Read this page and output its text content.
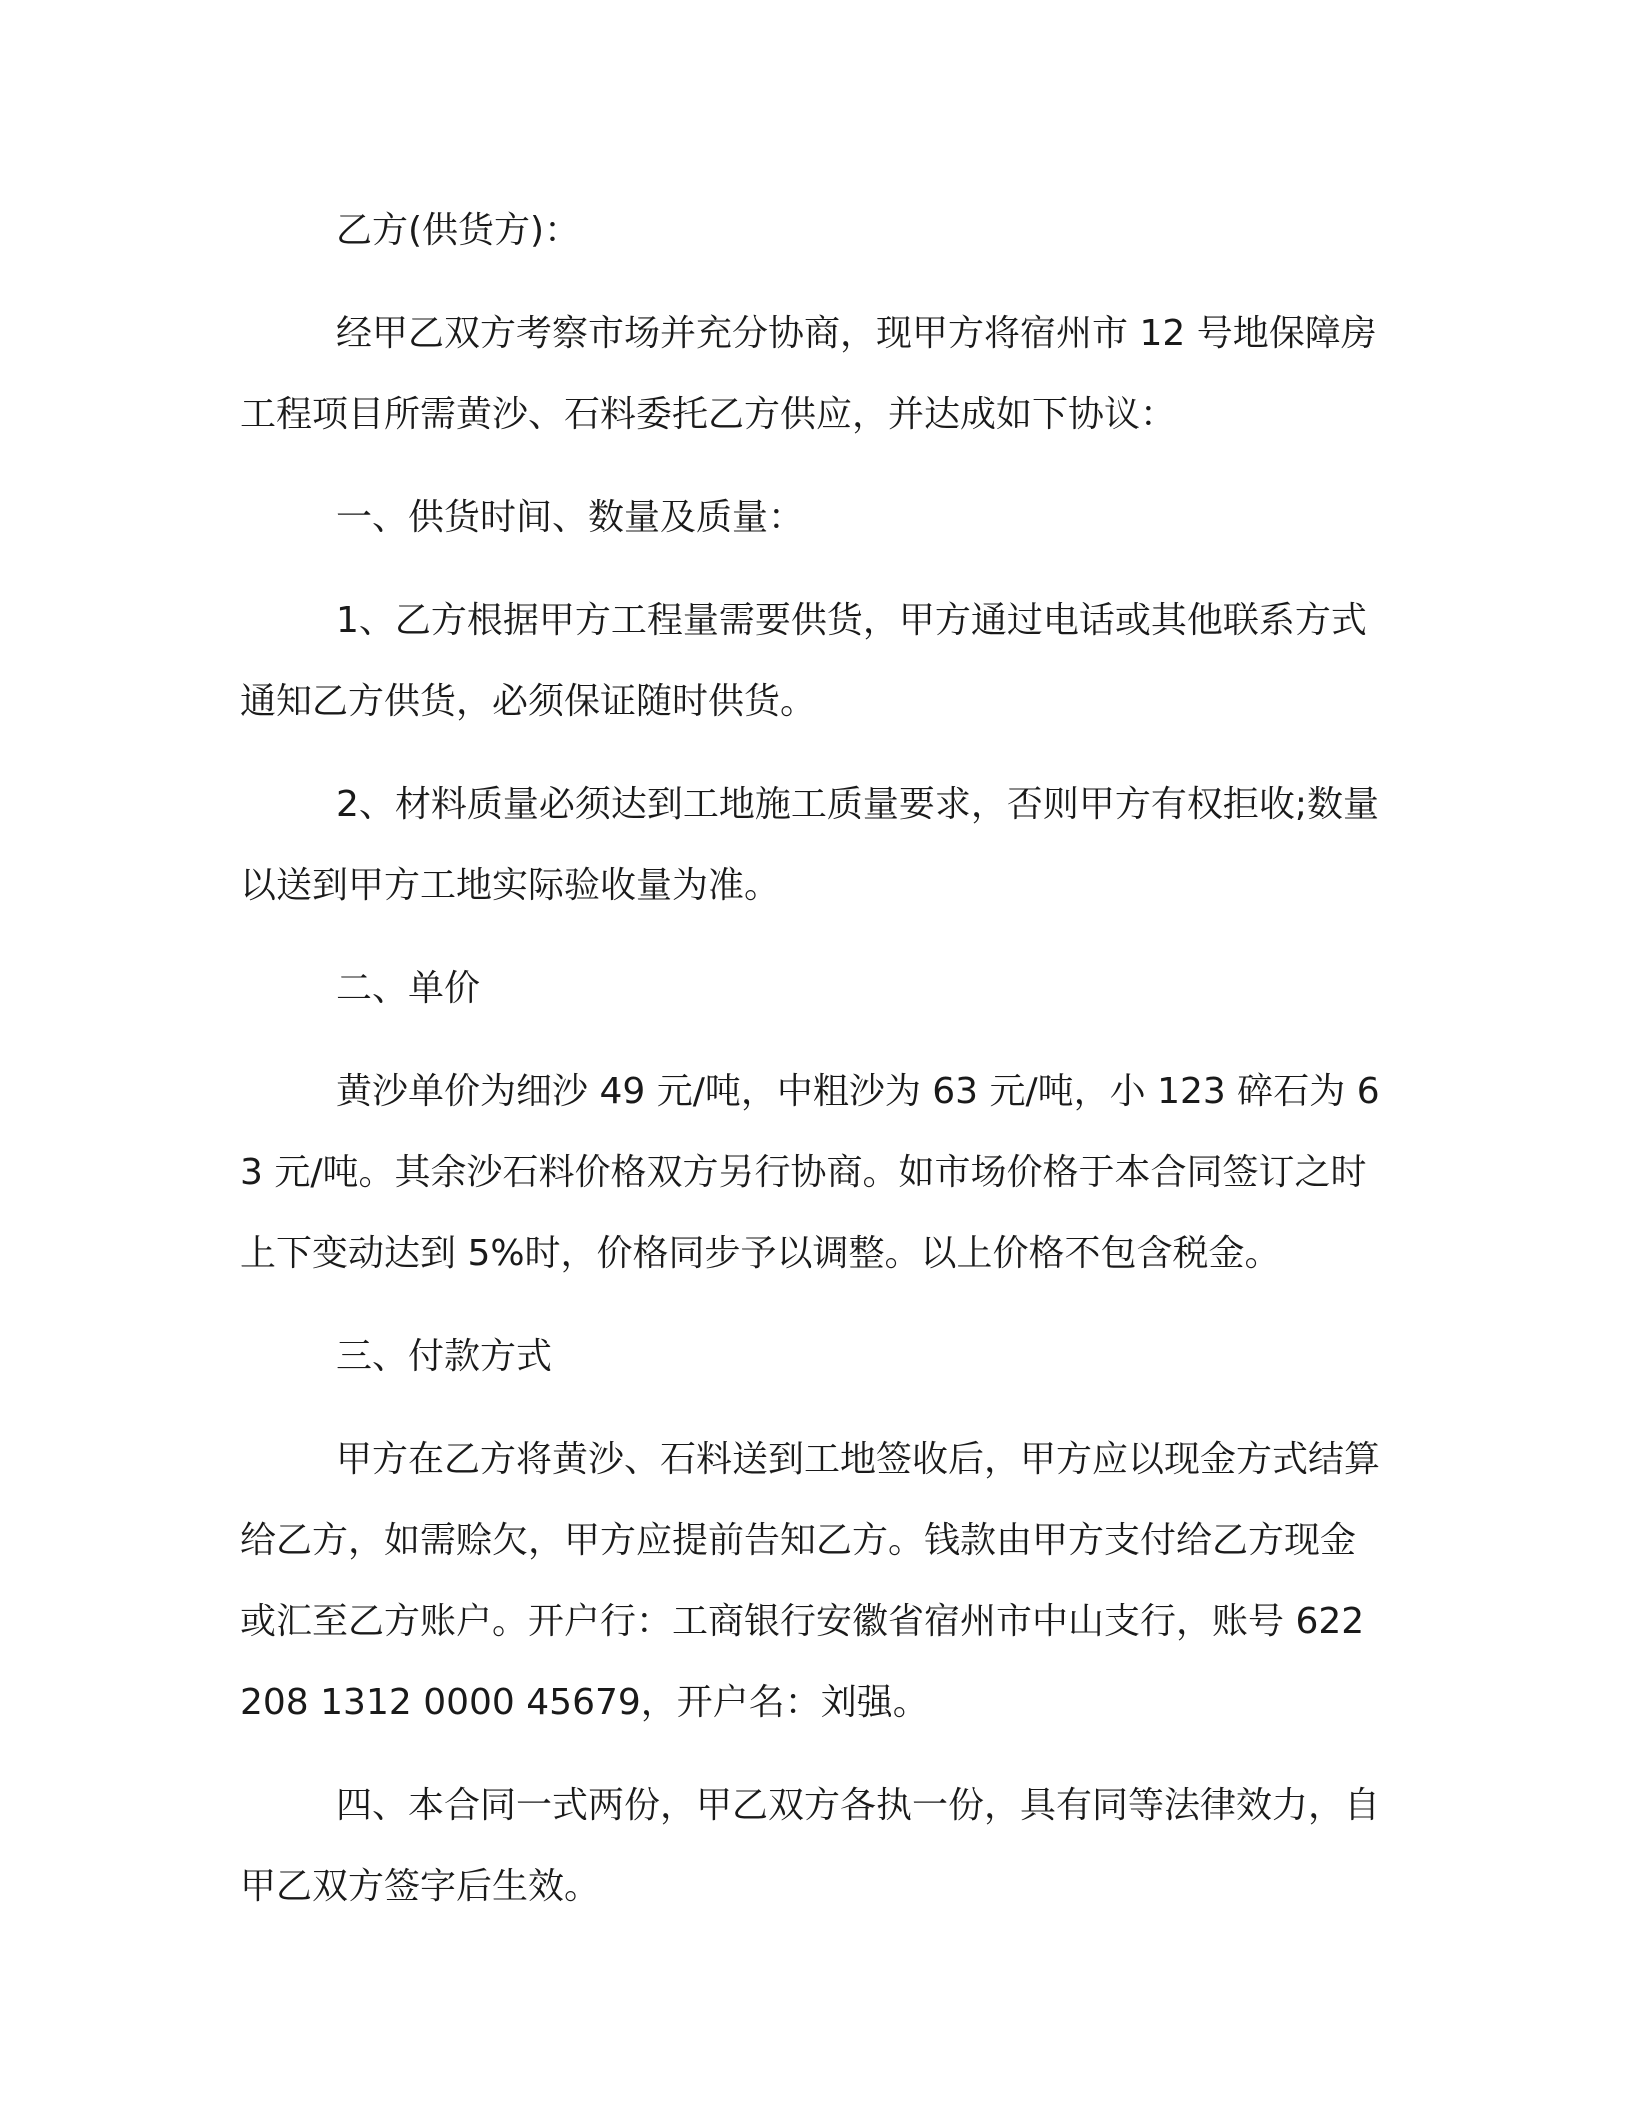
乙方(供货方)：

经甲乙双方考察市场并充分协商，现甲方将宿州市 12 号地保障房工程项目所需黄沙、石料委托乙方供应，并达成如下协议：

一、供货时间、数量及质量：

1、乙方根据甲方工程量需要供货，甲方通过电话或其他联系方式通知乙方供货，必须保证随时供货。

2、材料质量必须达到工地施工质量要求，否则甲方有权拒收;数量以送到甲方工地实际验收量为准。

二、单价

黄沙单价为细沙 49 元/吨，中粗沙为 63 元/吨，小 123 碎石为 63 元/吨。其余沙石料价格双方另行协商。如市场价格于本合同签订之时上下变动达到 5%时，价格同步予以调整。以上价格不包含税金。

三、付款方式

甲方在乙方将黄沙、石料送到工地签收后，甲方应以现金方式结算给乙方，如需赊欠，甲方应提前告知乙方。钱款由甲方支付给乙方现金或汇至乙方账户。开户行：工商银行安徽省宿州市中山支行，账号 622208 1312 0000 45679，开户名：刘强。

四、本合同一式两份，甲乙双方各执一份，具有同等法律效力，自甲乙双方签字后生效。
